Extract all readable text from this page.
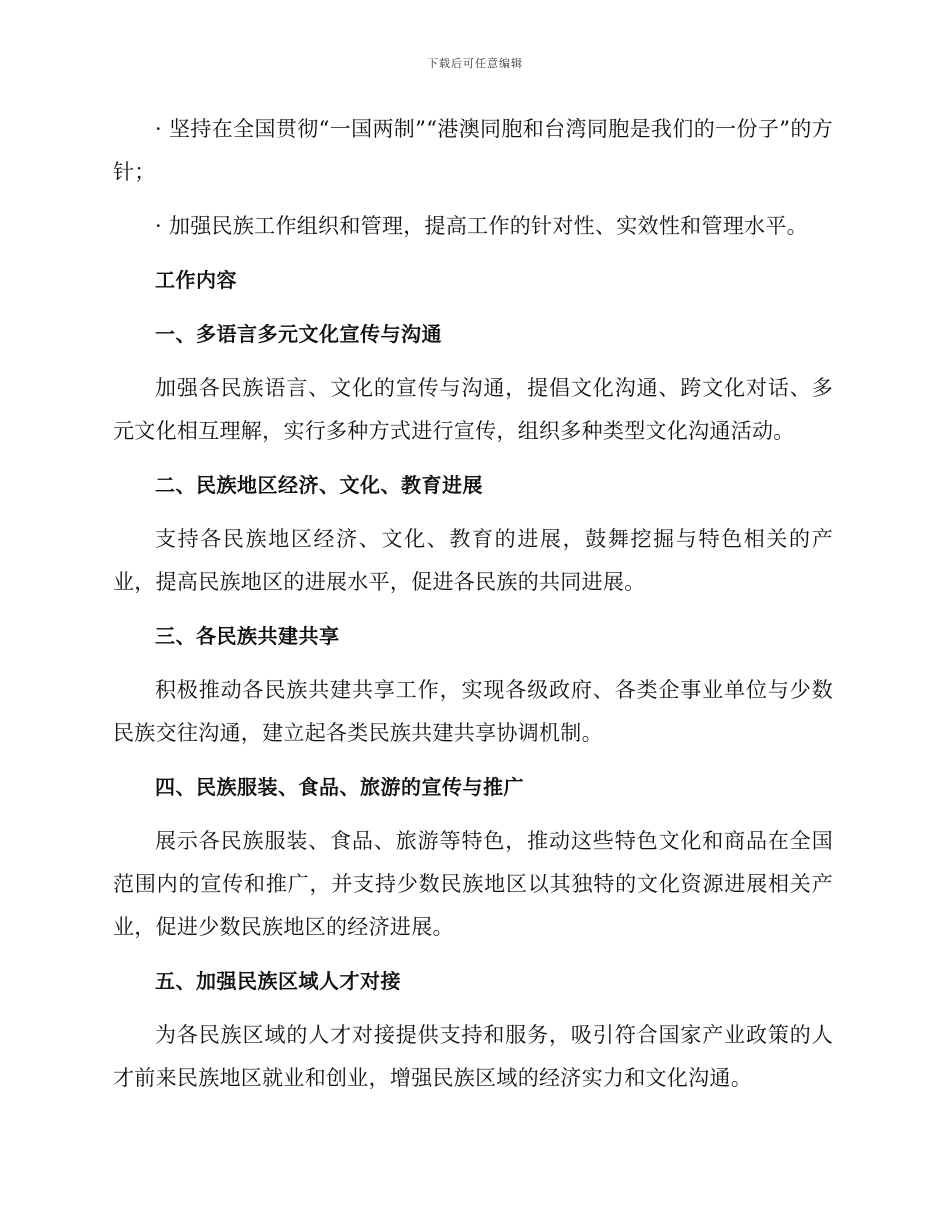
下载后可任意编辑

· 坚持在全国贯彻“一国两制”“港澳同胞和台湾同胞是我们的一份子”的方针；

· 加强民族工作组织和管理，提高工作的针对性、实效性和管理水平。

工作内容
一、多语言多元文化宣传与沟通

加强各民族语言、文化的宣传与沟通，提倡文化沟通、跨文化对话、多元文化相互理解，实行多种方式进行宣传，组织多种类型文化沟通活动。

二、民族地区经济、文化、教育进展

支持各民族地区经济、文化、教育的进展，鼓舞挖掘与特色相关的产业，提高民族地区的进展水平，促进各民族的共同进展。

三、各民族共建共享

积极推动各民族共建共享工作，实现各级政府、各类企事业单位与少数民族交往沟通，建立起各类民族共建共享协调机制。

四、民族服装、食品、旅游的宣传与推广

展示各民族服装、食品、旅游等特色，推动这些特色文化和商品在全国范围内的宣传和推广，并支持少数民族地区以其独特的文化资源进展相关产业，促进少数民族地区的经济进展。

五、加强民族区域人才对接

为各民族区域的人才对接提供支持和服务，吸引符合国家产业政策的人才前来民族地区就业和创业，增强民族区域的经济实力和文化沟通。
